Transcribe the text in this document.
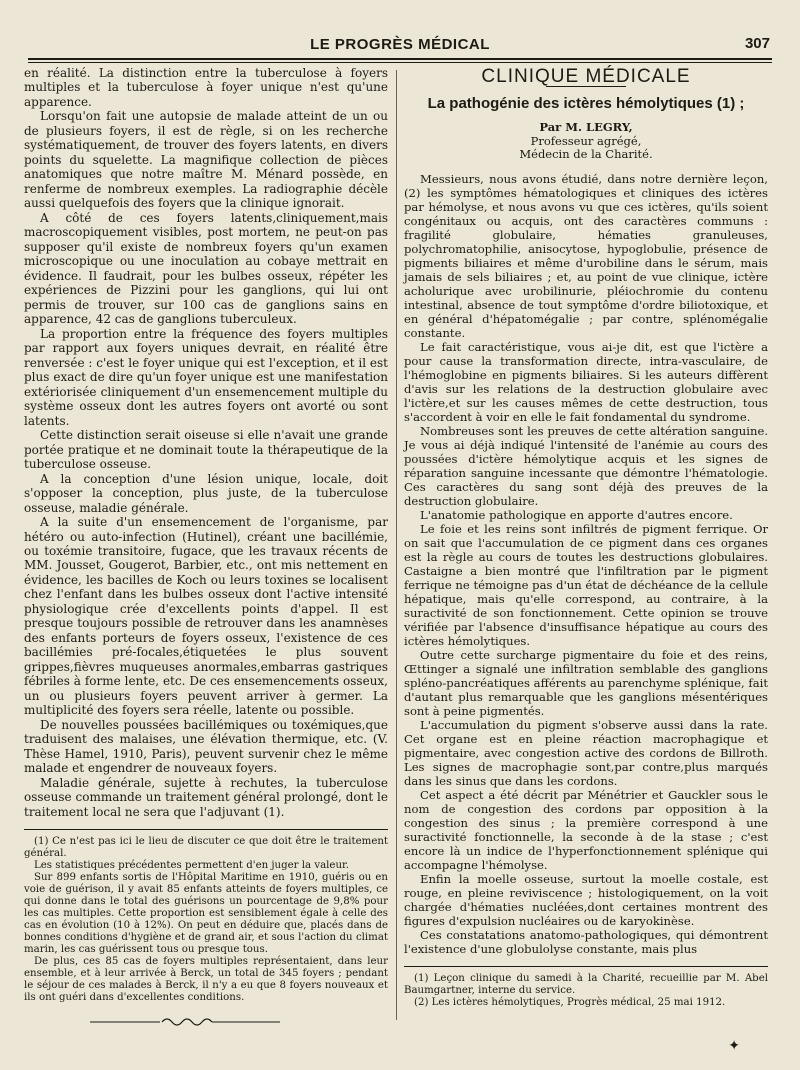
LE PROGRÈS MÉDICAL	307

en réalité. La distinction entre la tuberculose à foyers multiples et la tuberculose à foyer unique n'est qu'une apparence.

Lorsqu'on fait une autopsie de malade atteint de un ou de plusieurs foyers, il est de règle, si on les recherche systématiquement, de trouver des foyers latents, en divers points du squelette. La magnifique collection de pièces anatomiques que notre maître M. Ménard possède, en renferme de nombreux exemples. La radiographie décèle aussi quelquefois des foyers que la clinique ignorait.

A côté de ces foyers latents,cliniquement,mais macroscopiquement visibles, post mortem, ne peut-on pas supposer qu'il existe de nombreux foyers qu'un examen microscopique ou une inoculation au cobaye mettrait en évidence. Il faudrait, pour les bulbes osseux, répéter les expériences de Pizzini pour les ganglions, qui lui ont permis de trouver, sur 100 cas de ganglions sains en apparence, 42 cas de ganglions tuberculeux.

La proportion entre la fréquence des foyers multiples par rapport aux foyers uniques devrait, en réalité être renversée : c'est le foyer unique qui est l'exception, et il est plus exact de dire qu'un foyer unique est une manifestation extériorisée cliniquement d'un ensemencement multiple du système osseux dont les autres foyers ont avorté ou sont latents.

Cette distinction serait oiseuse si elle n'avait une grande portée pratique et ne dominait toute la thérapeutique de la tuberculose osseuse.

A la conception d'une lésion unique, locale, doit s'opposer la conception, plus juste, de la tuberculose osseuse, maladie générale.

A la suite d'un ensemencement de l'organisme, par hétéro ou auto-infection (Hutinel), créant une bacillémie, ou toxémie transitoire, fugace, que les travaux récents de MM. Jousset, Gougerot, Barbier, etc., ont mis nettement en évidence, les bacilles de Koch ou leurs toxines se localisent chez l'enfant dans les bulbes osseux dont l'active intensité physiologique crée d'excellents points d'appel. Il est presque toujours possible de retrouver dans les anamnèses des enfants porteurs de foyers osseux, l'existence de ces bacillémies pré-focales,étiquetées le plus souvent grippes,fièvres muqueuses anormales,embarras gastriques fébriles à forme lente, etc. De ces ensemencements osseux, un ou plusieurs foyers peuvent arriver à germer. La multiplicité des foyers sera réelle, latente ou possible.

De nouvelles poussées bacillémiques ou toxémiques,que traduisent des malaises, une élévation thermique, etc. (V. Thèse Hamel, 1910, Paris), peuvent survenir chez le même malade et engendrer de nouveaux foyers.

Maladie générale, sujette à rechutes, la tuberculose osseuse commande un traitement général prolongé, dont le traitement local ne sera que l'adjuvant (1).

(1) Ce n'est pas ici le lieu de discuter ce que doit être le traitement général.

Les statistiques précédentes permettent d'en juger la valeur.

Sur 899 enfants sortis de l'Hôpital Maritime en 1910, guéris ou en voie de guérison, il y avait 85 enfants atteints de foyers multiples, ce qui donne dans le total des guérisons un pourcentage de 9,8% pour les cas multiples. Cette proportion est sensiblement égale à celle des cas en évolution (10 à 12%). On peut en déduire que, placés dans de bonnes conditions d'hygiène et de grand air, et sous l'action du climat marin, les cas guérissent tous ou presque tous.

De plus, ces 85 cas de foyers multiples représentaient, dans leur ensemble, et à leur arrivée à Berck, un total de 345 foyers ; pendant le séjour de ces malades à Berck, il n'y a eu que 8 foyers nouveaux et ils ont guéri dans d'excellentes conditions.

CLINIQUE MÉDICALE
La pathogénie des ictères hémolytiques (1) ;
Par M. LEGRY,
Professeur agrégé,
Médecin de la Charité.

Messieurs, nous avons étudié, dans notre dernière leçon, (2) les symptômes hématologiques et cliniques des ictères par hémolyse, et nous avons vu que ces ictères, qu'ils soient congénitaux ou acquis, ont des caractères communs : fragilité globulaire, hématies granuleuses, polychromatophilie, anisocytose, hypoglobulie, présence de pigments biliaires et même d'urobiline dans le sérum, mais jamais de sels biliaires ; et, au point de vue clinique, ictère acholurique avec urobilinurie, pléiochromie du contenu intestinal, absence de tout symptôme d'ordre biliotoxique, et en général d'hépatomégalie ; par contre, splénomégalie constante.

Le fait caractéristique, vous ai-je dit, est que l'ictère a pour cause la transformation directe, intra-vasculaire, de l'hémoglobine en pigments biliaires. Si les auteurs diffèrent d'avis sur les relations de la destruction globulaire avec l'ictère,et sur les causes mêmes de cette destruction, tous s'accordent à voir en elle le fait fondamental du syndrome.

Nombreuses sont les preuves de cette altération sanguine. Je vous ai déjà indiqué l'intensité de l'anémie au cours des poussées d'ictère hémolytique acquis et les signes de réparation sanguine incessante que démontre l'hématologie. Ces caractères du sang sont déjà des preuves de la destruction globulaire.

L'anatomie pathologique en apporte d'autres encore.

Le foie et les reins sont infiltrés de pigment ferrique. Or on sait que l'accumulation de ce pigment dans ces organes est la règle au cours de toutes les destructions globulaires. Castaigne a bien montré que l'infiltration par le pigment ferrique ne témoigne pas d'un état de déchéance de la cellule hépatique, mais qu'elle correspond, au contraire, à la suractivité de son fonctionnement. Cette opinion se trouve vérifiée par l'absence d'insuffisance hépatique au cours des ictères hémolytiques.

Outre cette surcharge pigmentaire du foie et des reins, Œttinger a signalé une infiltration semblable des ganglions spléno-pancréatiques afférents au parenchyme splénique, fait d'autant plus remarquable que les ganglions mésentériques sont à peine pigmentés.

L'accumulation du pigment s'observe aussi dans la rate. Cet organe est en pleine réaction macrophagique et pigmentaire, avec congestion active des cordons de Billroth. Les signes de macrophagie sont,par contre,plus marqués dans les sinus que dans les cordons.

Cet aspect a été décrit par Ménétrier et Gauckler sous le nom de congestion des cordons par opposition à la congestion des sinus ; la première correspond à une suractivité fonctionnelle, la seconde à de la stase ; c'est encore là un indice de l'hyperfonctionnement splénique qui accompagne l'hémolyse.

Enfin la moelle osseuse, surtout la moelle costale, est rouge, en pleine reviviscence ; histologiquement, on la voit chargée d'hématies nucléées,dont certaines montrent des figures d'expulsion nucléaires ou de karyokinèse.

Ces constatations anatomo-pathologiques, qui démontrent l'existence d'une globulolyse constante, mais plus

(1) Leçon clinique du samedi à la Charité, recueillie par M. Abel Baumgartner, interne du service.

(2) Les ictères hémolytiques, Progrès médical, 25 mai 1912.

✦
